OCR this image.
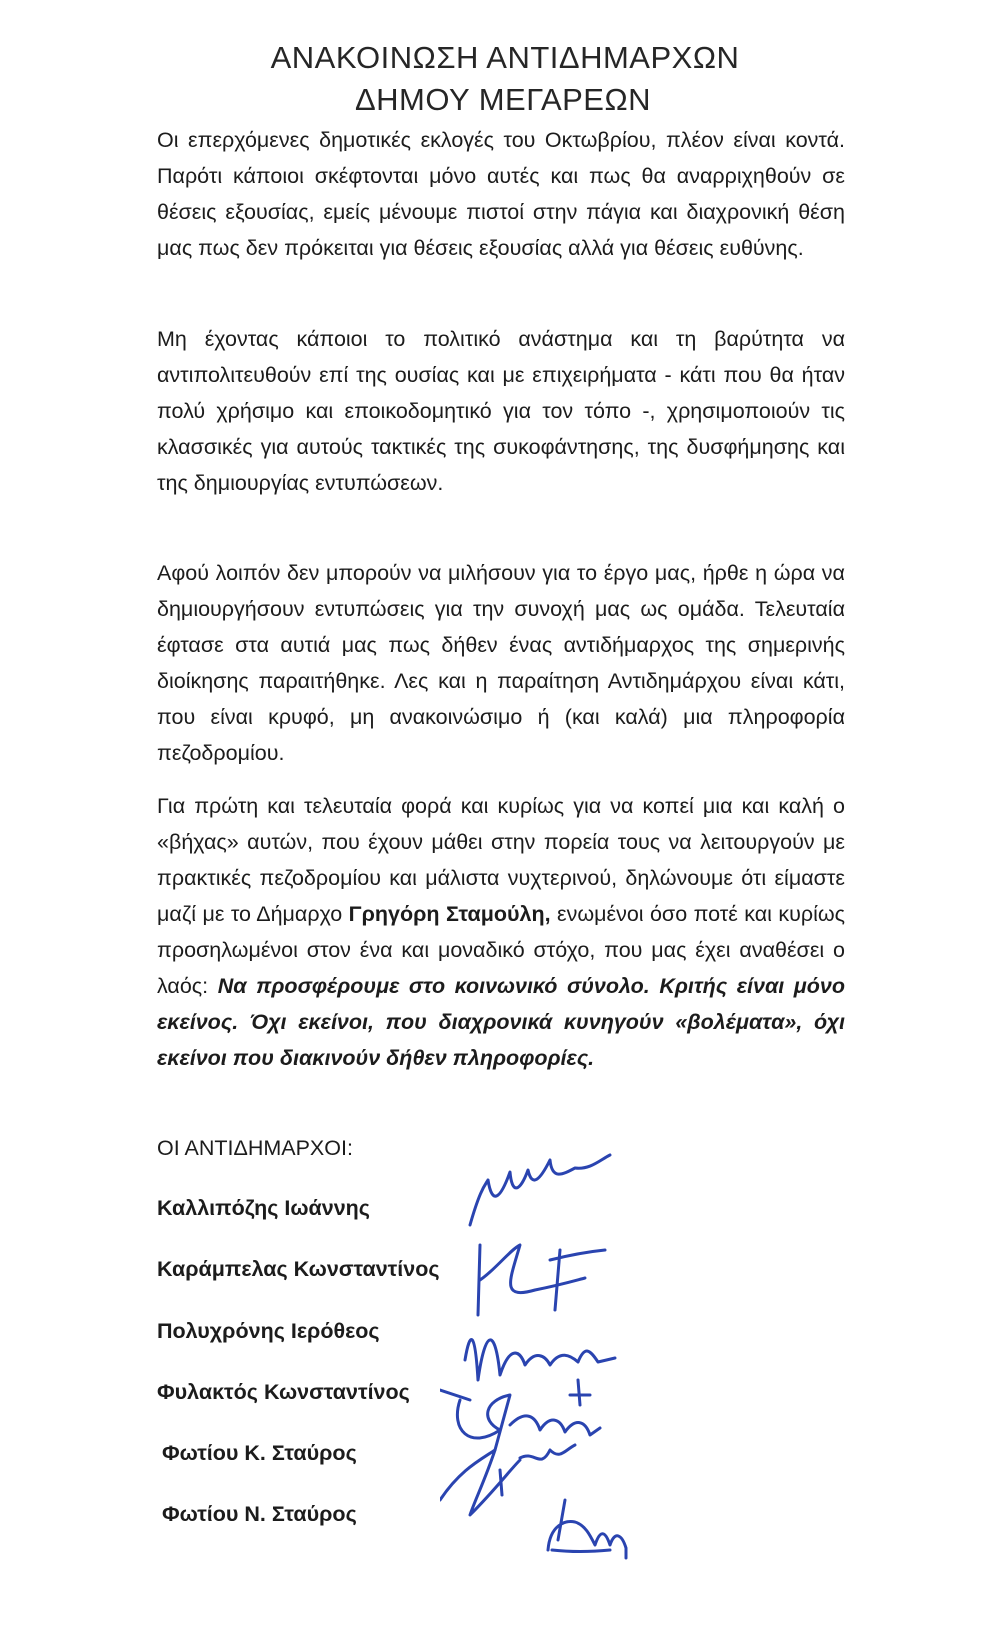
ΑΝΑΚΟΙΝΩΣΗ ΑΝΤΙΔΗΜΑΡΧΩΝ
ΔΗΜΟΥ ΜΕΓΑΡΕΩΝ
Οι επερχόμενες δημοτικές εκλογές του Οκτωβρίου, πλέον είναι κοντά. Παρότι κάποιοι σκέφτονται μόνο αυτές και πως θα αναρριχηθούν σε θέσεις εξουσίας, εμείς μένουμε πιστοί στην πάγια και διαχρονική θέση μας πως δεν πρόκειται για θέσεις εξουσίας αλλά για θέσεις ευθύνης.
Μη έχοντας κάποιοι το πολιτικό ανάστημα και τη βαρύτητα να αντιπολιτευθούν επί της ουσίας και με επιχειρήματα - κάτι που θα ήταν πολύ χρήσιμο και εποικοδομητικό για τον τόπο -, χρησιμοποιούν τις κλασσικές για αυτούς τακτικές της συκοφάντησης, της δυσφήμησης και της δημιουργίας εντυπώσεων.
Αφού λοιπόν δεν μπορούν να μιλήσουν για το έργο μας, ήρθε η ώρα να δημιουργήσουν εντυπώσεις για την συνοχή μας ως ομάδα. Τελευταία έφτασε στα αυτιά μας πως δήθεν ένας αντιδήμαρχος της σημερινής διοίκησης παραιτήθηκε. Λες και η παραίτηση Αντιδημάρχου είναι κάτι, που είναι κρυφό, μη ανακοινώσιμο ή (και καλά) μια πληροφορία πεζοδρομίου.
Για πρώτη και τελευταία φορά και κυρίως για να κοπεί μια και καλή ο «βήχας» αυτών, που έχουν μάθει στην πορεία τους να λειτουργούν με πρακτικές πεζοδρομίου και μάλιστα νυχτερινού, δηλώνουμε ότι είμαστε μαζί με το Δήμαρχο Γρηγόρη Σταμούλη, ενωμένοι όσο ποτέ και κυρίως προσηλωμένοι στον ένα και μοναδικό στόχο, που μας έχει αναθέσει ο λαός: Να προσφέρουμε στο κοινωνικό σύνολο. Κριτής είναι μόνο εκείνος. Όχι εκείνοι, που διαχρονικά κυνηγούν «βολέματα», όχι εκείνοι που διακινούν δήθεν πληροφορίες.
ΟΙ ΑΝΤΙΔΗΜΑΡΧΟΙ:
Καλλιπόζης Ιωάννης
Καράμπελας Κωνσταντίνος
Πολυχρόνης Ιερόθεος
Φυλακτός Κωνσταντίνος
Φωτίου Κ. Σταύρος
Φωτίου Ν. Σταύρος
